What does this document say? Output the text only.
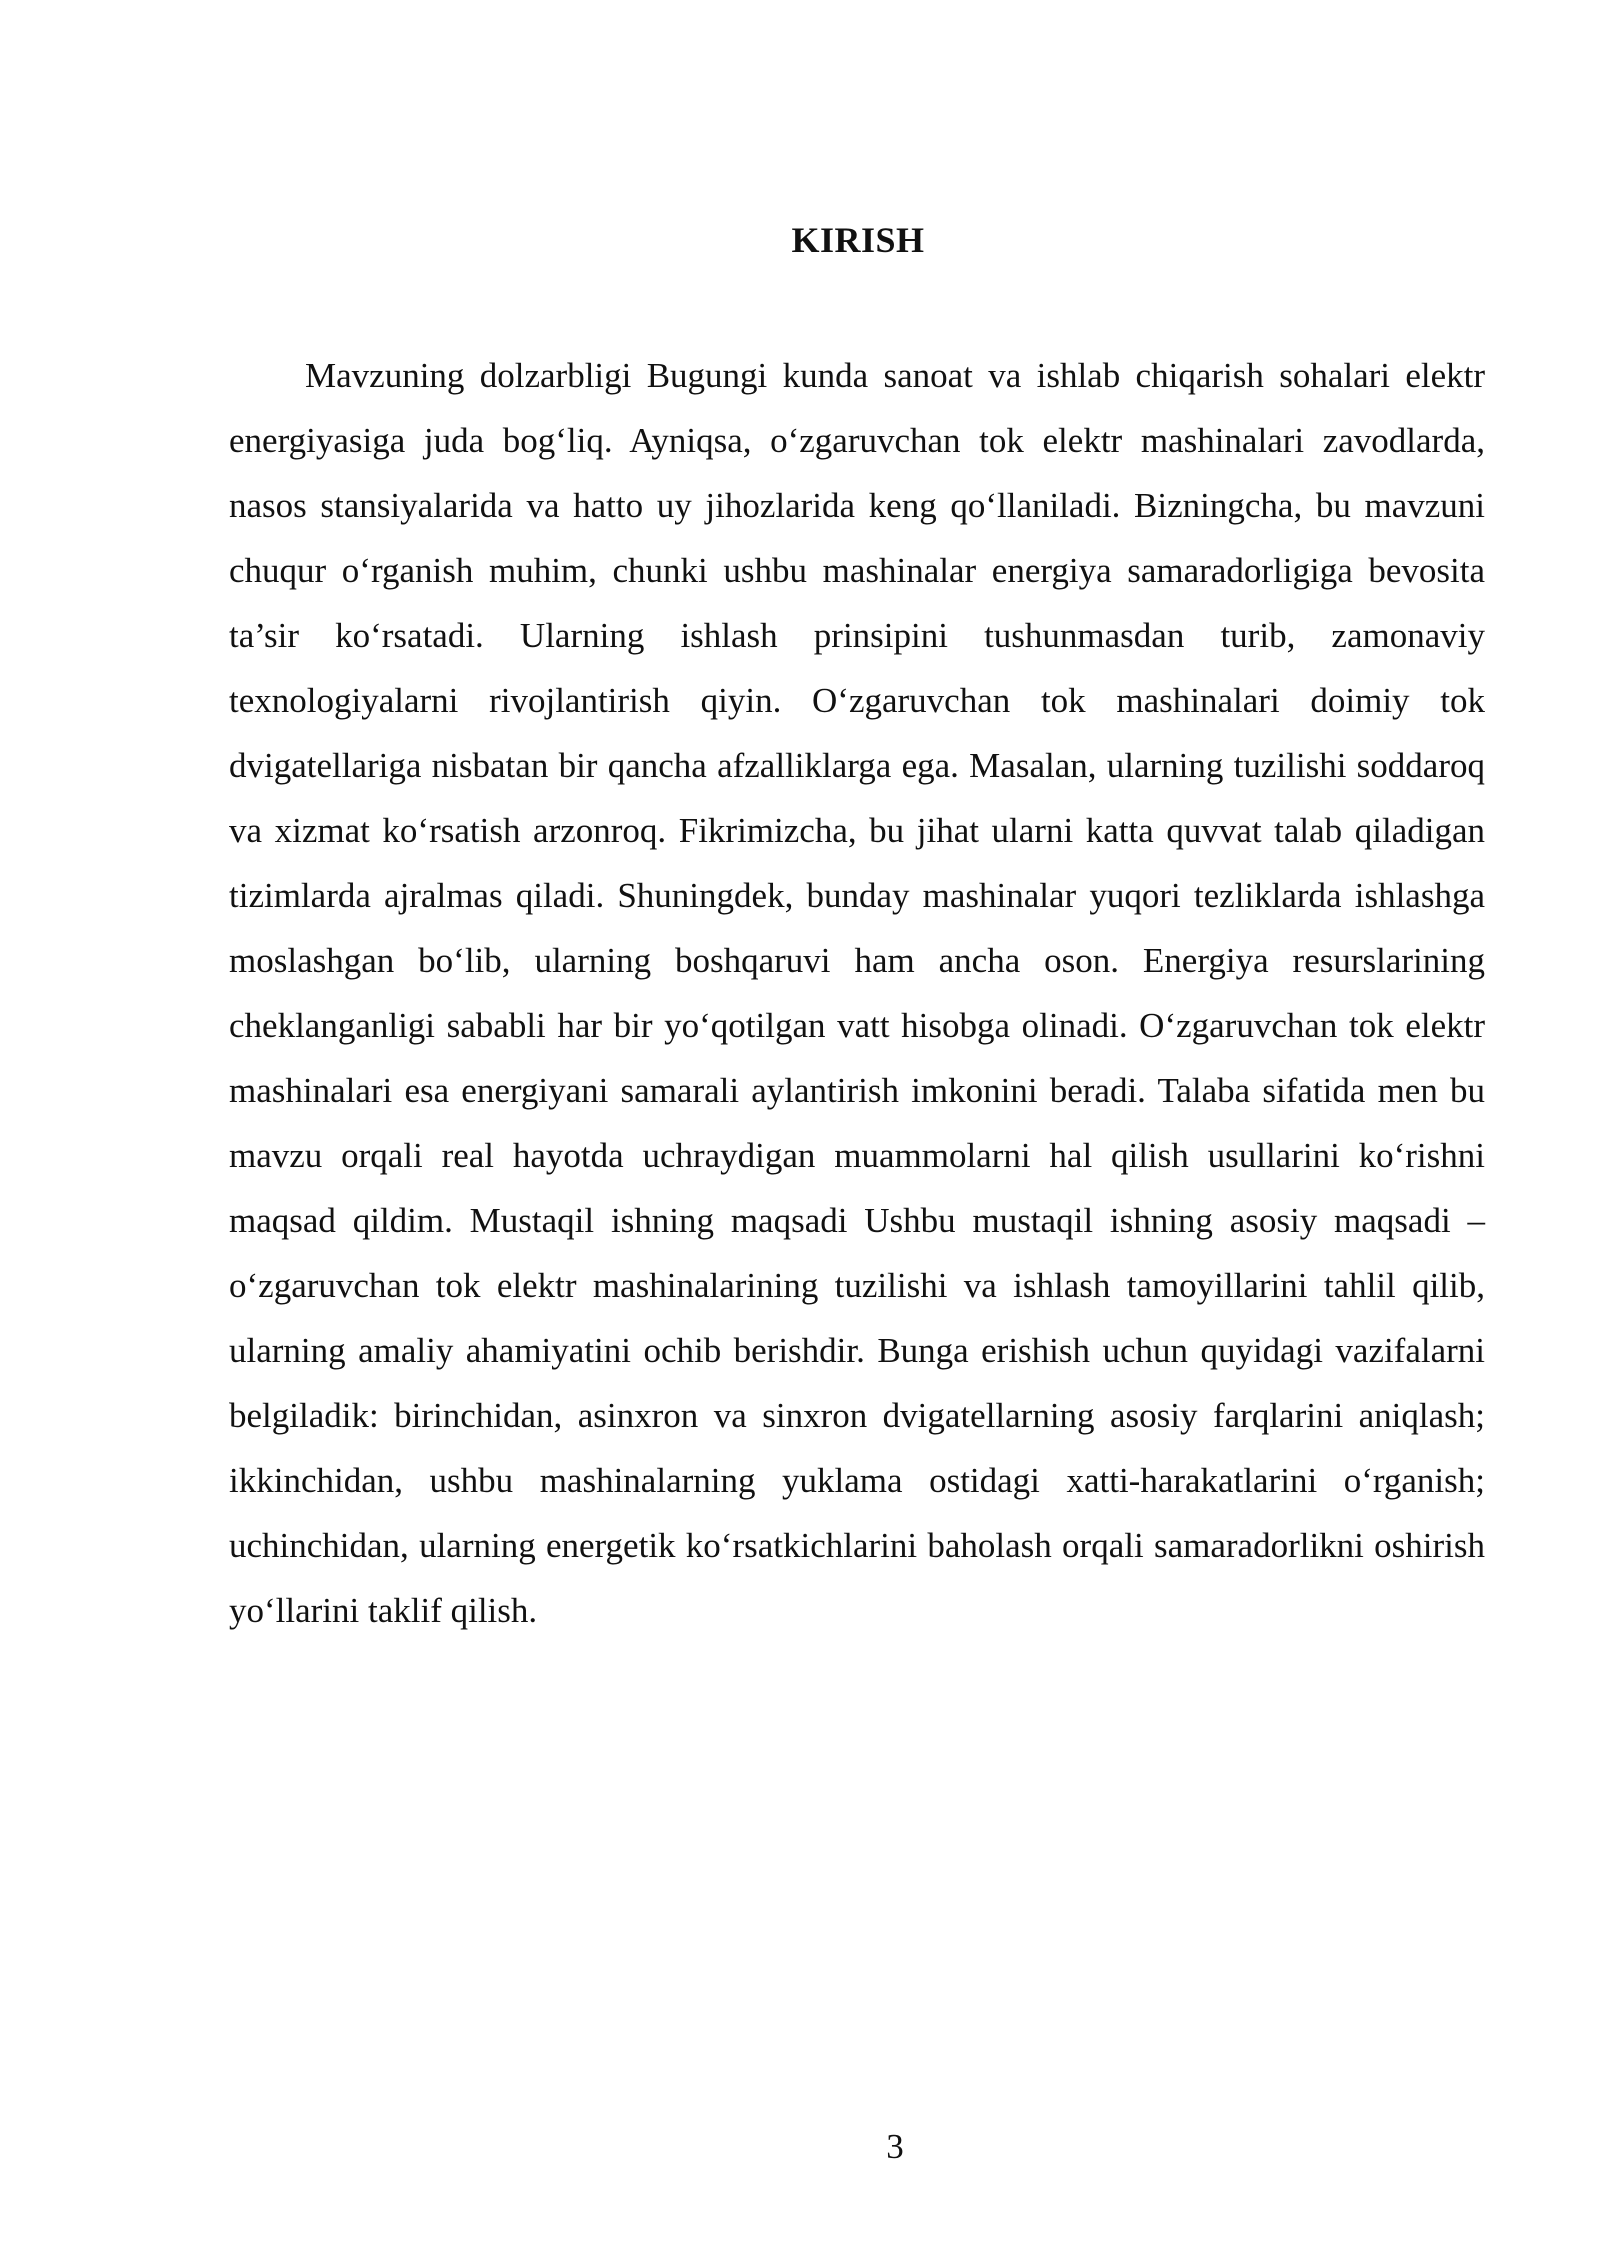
KIRISH

Mavzuning dolzarbligi Bugungi kunda sanoat va ishlab chiqarish sohalari elektr energiyasiga juda bog‘liq. Ayniqsa, o‘zgaruvchan tok elektr mashinalari zavodlarda, nasos stansiyalarida va hatto uy jihozlarida keng qo‘llaniladi. Bizningcha, bu mavzuni chuqur o‘rganish muhim, chunki ushbu mashinalar energiya samaradorligiga bevosita ta’sir ko‘rsatadi. Ularning ishlash prinsipini tushunmasdan turib, zamonaviy texnologiyalarni rivojlantirish qiyin. O‘zgaruvchan tok mashinalari doimiy tok dvigatellariga nisbatan bir qancha afzalliklarga ega. Masalan, ularning tuzilishi soddaroq va xizmat ko‘rsatish arzonroq. Fikrimizcha, bu jihat ularni katta quvvat talab qiladigan tizimlarda ajralmas qiladi. Shuningdek, bunday mashinalar yuqori tezliklarda ishlashga moslashgan bo‘lib, ularning boshqaruvi ham ancha oson. Energiya resurslarining cheklanganligi sababli har bir yo‘qotilgan vatt hisobga olinadi. O‘zgaruvchan tok elektr mashinalari esa energiyani samarali aylantirish imkonini beradi. Talaba sifatida men bu mavzu orqali real hayotda uchraydigan muammolarni hal qilish usullarini ko‘rishni maqsad qildim. Mustaqil ishning maqsadi Ushbu mustaqil ishning asosiy maqsadi – o‘zgaruvchan tok elektr mashinalarining tuzilishi va ishlash tamoyillarini tahlil qilib, ularning amaliy ahamiyatini ochib berishdir. Bunga erishish uchun quyidagi vazifalarni belgiladik: birinchidan, asinxron va sinxron dvigatellarning asosiy farqlarini aniqlash; ikkinchidan, ushbu mashinalarning yuklama ostidagi xatti-harakatlarini o‘rganish; uchinchidan, ularning energetik ko‘rsatkichlarini baholash orqali samaradorlikni oshirish yo‘llarini taklif qilish.

3
